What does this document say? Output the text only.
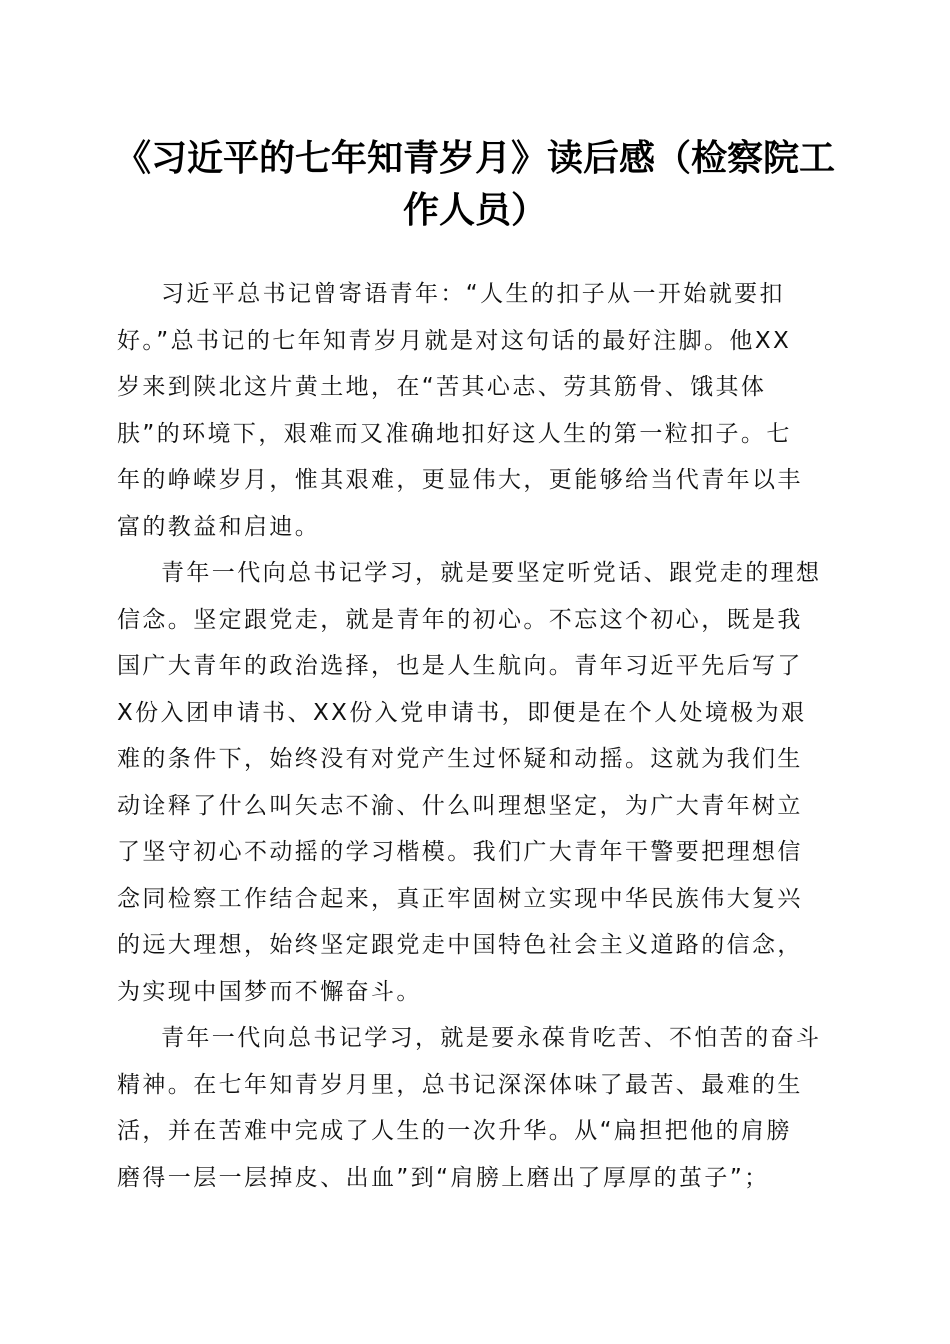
《习近平的七年知青岁月》读后感（检察院工
作人员）
习近平总书记曾寄语青年：“人生的扣子从一开始就要扣
好。”总书记的七年知青岁月就是对这句话的最好注脚。他XX
岁来到陕北这片黄土地，在“苦其心志、劳其筋骨、饿其体
肤”的环境下，艰难而又准确地扣好这人生的第一粒扣子。七
年的峥嵘岁月，惟其艰难，更显伟大，更能够给当代青年以丰
富的教益和启迪。
青年一代向总书记学习，就是要坚定听党话、跟党走的理想
信念。坚定跟党走，就是青年的初心。不忘这个初心，既是我
国广大青年的政治选择，也是人生航向。青年习近平先后写了
X份入团申请书、XX份入党申请书，即便是在个人处境极为艰
难的条件下，始终没有对党产生过怀疑和动摇。这就为我们生
动诠释了什么叫矢志不渝、什么叫理想坚定，为广大青年树立
了坚守初心不动摇的学习楷模。我们广大青年干警要把理想信
念同检察工作结合起来，真正牢固树立实现中华民族伟大复兴
的远大理想，始终坚定跟党走中国特色社会主义道路的信念，
为实现中国梦而不懈奋斗。
青年一代向总书记学习，就是要永葆肯吃苦、不怕苦的奋斗
精神。在七年知青岁月里，总书记深深体味了最苦、最难的生
活，并在苦难中完成了人生的一次升华。从“扁担把他的肩膀
磨得一层一层掉皮、出血”到“肩膀上磨出了厚厚的茧子”；
